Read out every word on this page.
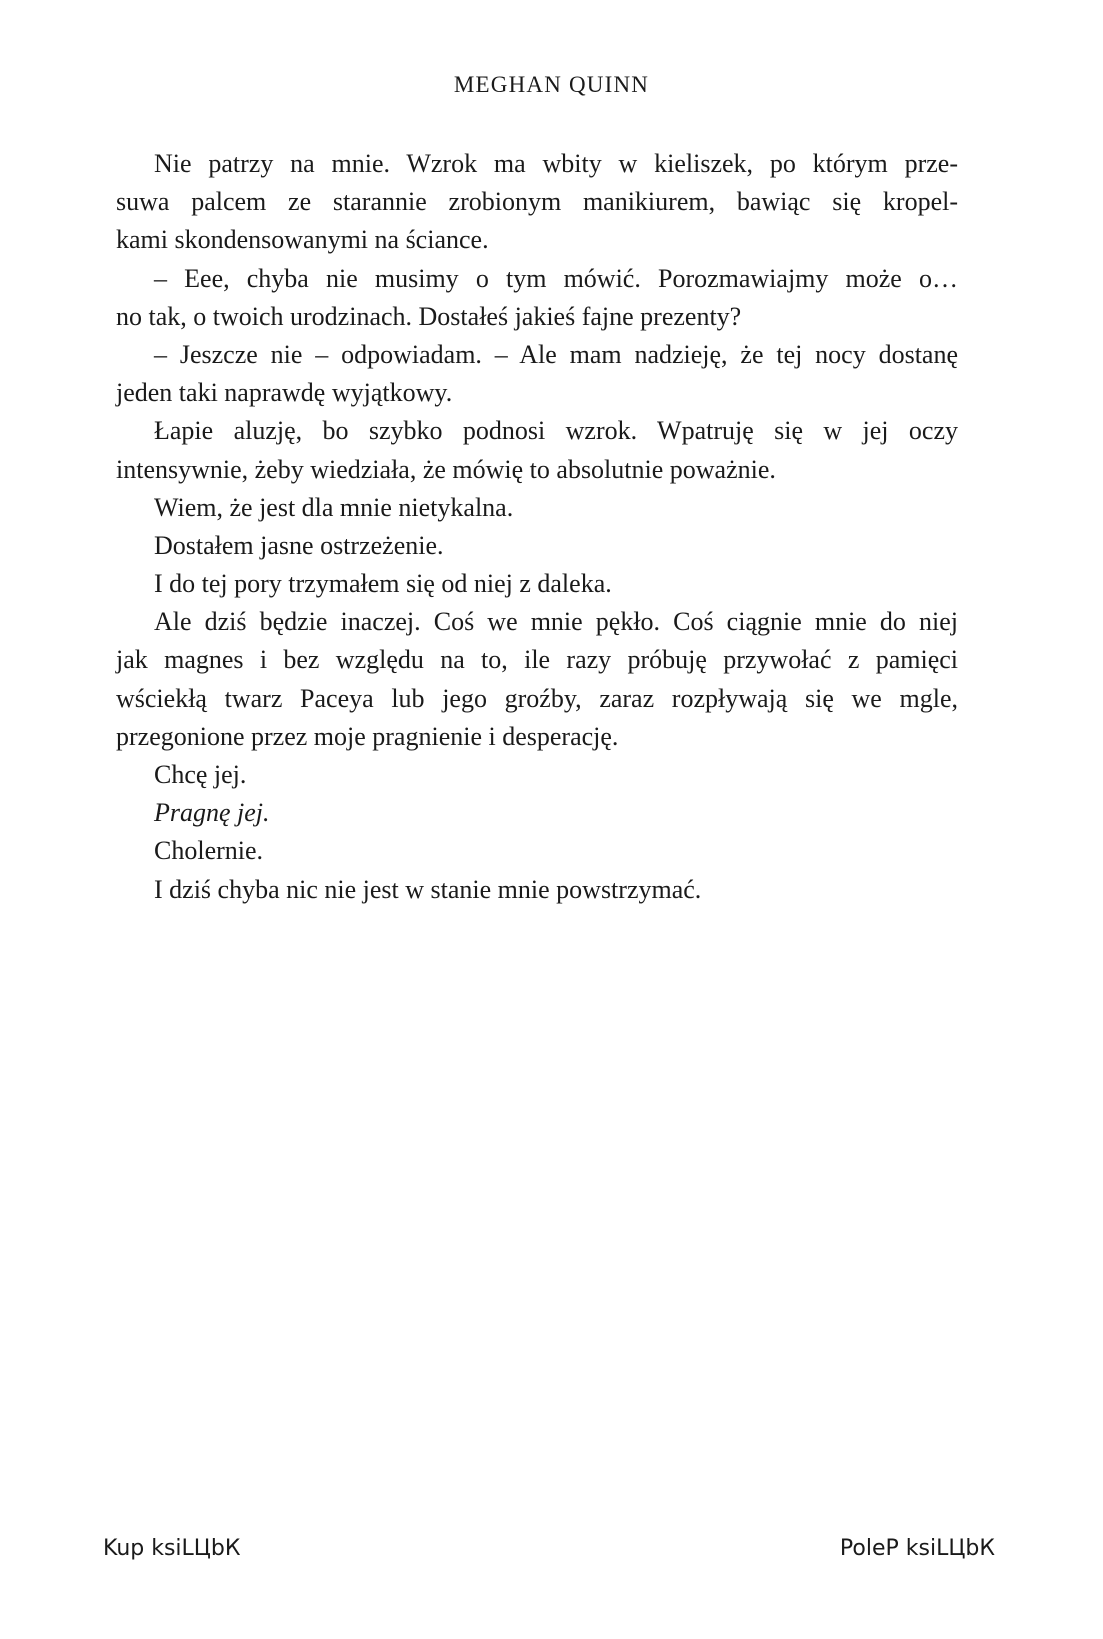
MEGHAN QUINN
Nie patrzy na mnie. Wzrok ma wbity w kieliszek, po którym prze-
suwa palcem ze starannie zrobionym manikiurem, bawiąc się kropel-
kami skondensowanymi na ściance.
– Eee, chyba nie musimy o tym mówić. Porozmawiajmy może o…
no tak, o twoich urodzinach. Dostałeś jakieś fajne prezenty?
– Jeszcze nie – odpowiadam. – Ale mam nadzieję, że tej nocy dostanę
jeden taki naprawdę wyjątkowy.
Łapie aluzję, bo szybko podnosi wzrok. Wpatruję się w jej oczy
intensywnie, żeby wiedziała, że mówię to absolutnie poważnie.
Wiem, że jest dla mnie nietykalna.
Dostałem jasne ostrzeżenie.
I do tej pory trzymałem się od niej z daleka.
Ale dziś będzie inaczej. Coś we mnie pękło. Coś ciągnie mnie do niej
jak magnes i bez względu na to, ile razy próbuję przywołać z pamięci
wściekłą twarz Paceya lub jego groźby, zaraz rozpływają się we mgle,
przegonione przez moje pragnienie i desperację.
Chcę jej.
Pragnę jej.
Cholernie.
I dziś chyba nic nie jest w stanie mnie powstrzymać.
Kup ksiLЦbК	PoleP ksiLЦbК
